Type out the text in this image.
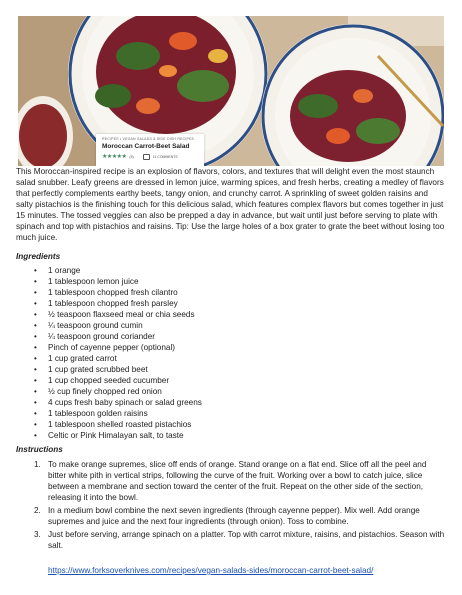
RECIPES • VEGAN SALADS & SIDE DISH RECIPES
Moroccan Carrot-Beet Salad
★★★★★ (5)	11 COMMENTS

This Moroccan-inspired recipe is an explosion of flavors, colors, and textures that will delight even the most staunch salad snubber. Leafy greens are dressed in lemon juice, warming spices, and fresh herbs, creating a medley of flavors that perfectly complements earthy beets, tangy onion, and crunchy carrot. A sprinkling of sweet golden raisins and salty pistachios is the finishing touch for this delicious salad, which features complex flavors but comes together in just 15 minutes. The tossed veggies can also be prepped a day in advance, but wait until just before serving to plate with spinach and top with pistachios and raisins. Tip: Use the large holes of a box grater to grate the beet without losing too much juice.

Ingredients
• 1 orange
• 1 tablespoon lemon juice
• 1 tablespoon chopped fresh cilantro
• 1 tablespoon chopped fresh parsley
• ½ teaspoon flaxseed meal or chia seeds
• ¼ teaspoon ground cumin
• ¼ teaspoon ground coriander
• Pinch of cayenne pepper (optional)
• 1 cup grated carrot
• 1 cup grated scrubbed beet
• 1 cup chopped seeded cucumber
• ½ cup finely chopped red onion
• 4 cups fresh baby spinach or salad greens
• 1 tablespoon golden raisins
• 1 tablespoon shelled roasted pistachios
• Celtic or Pink Himalayan salt, to taste
Instructions
1. To make orange supremes, slice off ends of orange. Stand orange on a flat end. Slice off all the peel and bitter white pith in vertical strips, following the curve of the fruit. Working over a bowl to catch juice, slice between a membrane and section toward the center of the fruit. Repeat on the other side of the section, releasing it into the bowl.
2. In a medium bowl combine the next seven ingredients (through cayenne pepper). Mix well. Add orange supremes and juice and the next four ingredients (through onion). Toss to combine.
3. Just before serving, arrange spinach on a platter. Top with carrot mixture, raisins, and pistachios. Season with salt.
https://www.forksoverknives.com/recipes/vegan-salads-sides/moroccan-carrot-beet-salad/
